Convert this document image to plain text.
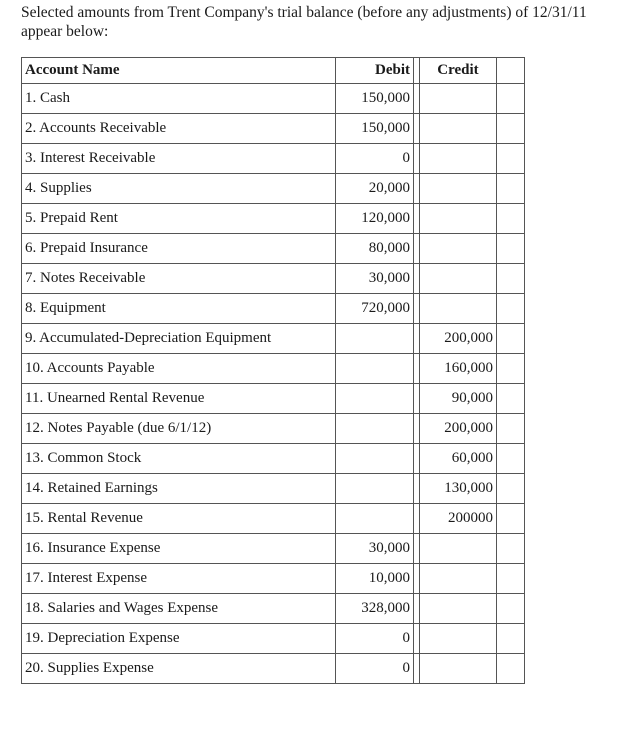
Selected amounts from Trent Company's trial balance (before any adjustments) of 12/31/11 appear below:

Account Name	Debit		Credit	
1. Cash	150,000			
2. Accounts Receivable	150,000			
3. Interest Receivable	0			
4. Supplies	20,000			
5. Prepaid Rent	120,000			
6. Prepaid Insurance	80,000			
7. Notes Receivable	30,000			
8. Equipment	720,000			
9. Accumulated-Depreciation Equipment			200,000	
10. Accounts Payable			160,000	
11. Unearned Rental Revenue			90,000	
12. Notes Payable (due 6/1/12)			200,000	
13. Common Stock			60,000	
14. Retained Earnings			130,000	
15. Rental Revenue			200000	
16. Insurance Expense	30,000			
17. Interest Expense	10,000			
18. Salaries and Wages Expense	328,000			
19. Depreciation Expense	0			
20. Supplies Expense	0			
